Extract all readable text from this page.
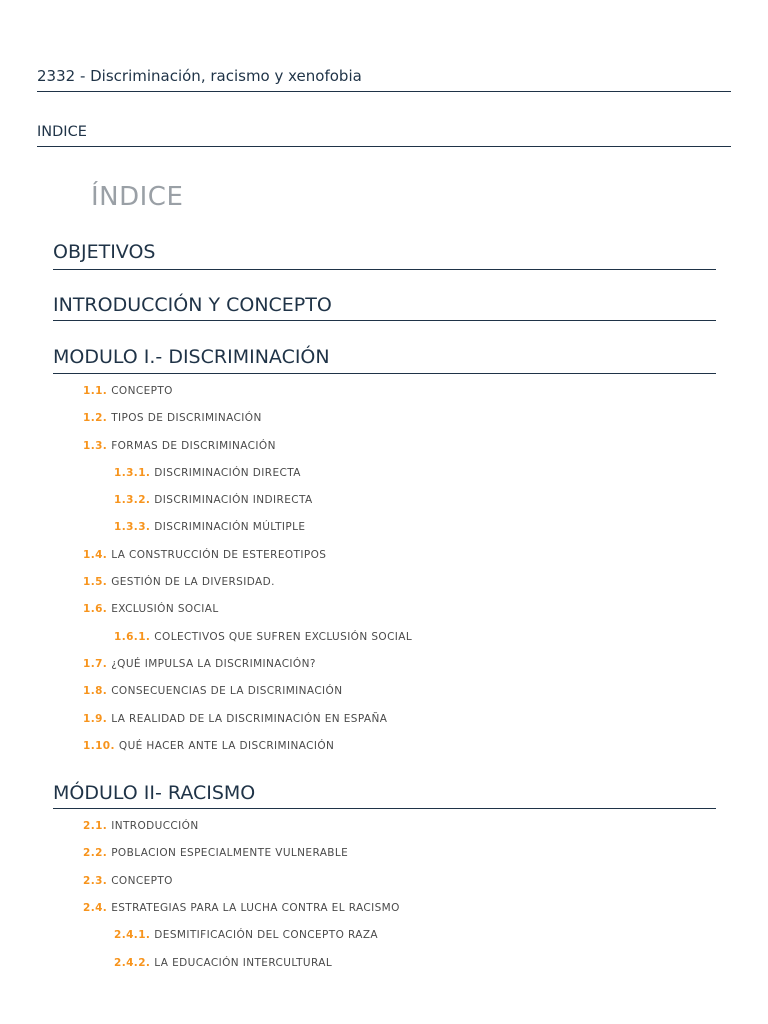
2332 - Discriminación, racismo y xenofobia
INDICE
ÍNDICE
OBJETIVOS
INTRODUCCIÓN Y CONCEPTO
MODULO I.- DISCRIMINACIÓN
1.1. CONCEPTO
1.2. TIPOS DE DISCRIMINACIÓN
1.3. FORMAS DE DISCRIMINACIÓN
1.3.1. DISCRIMINACIÓN DIRECTA
1.3.2. DISCRIMINACIÓN INDIRECTA
1.3.3. DISCRIMINACIÓN MÚLTIPLE
1.4. LA CONSTRUCCIÓN DE ESTEREOTIPOS
1.5. GESTIÓN DE LA DIVERSIDAD.
1.6. EXCLUSIÓN SOCIAL
1.6.1. COLECTIVOS QUE SUFREN EXCLUSIÓN SOCIAL
1.7. ¿QUÉ IMPULSA LA DISCRIMINACIÓN?
1.8. CONSECUENCIAS DE LA DISCRIMINACIÓN
1.9. LA REALIDAD DE LA DISCRIMINACIÓN EN ESPAÑA
1.10. QUÉ HACER ANTE LA DISCRIMINACIÓN
MÓDULO II- RACISMO
2.1. INTRODUCCIÓN
2.2. POBLACION ESPECIALMENTE VULNERABLE
2.3. CONCEPTO
2.4. ESTRATEGIAS PARA LA LUCHA CONTRA EL RACISMO
2.4.1. DESMITIFICACIÓN DEL CONCEPTO RAZA
2.4.2. LA EDUCACIÓN INTERCULTURAL
